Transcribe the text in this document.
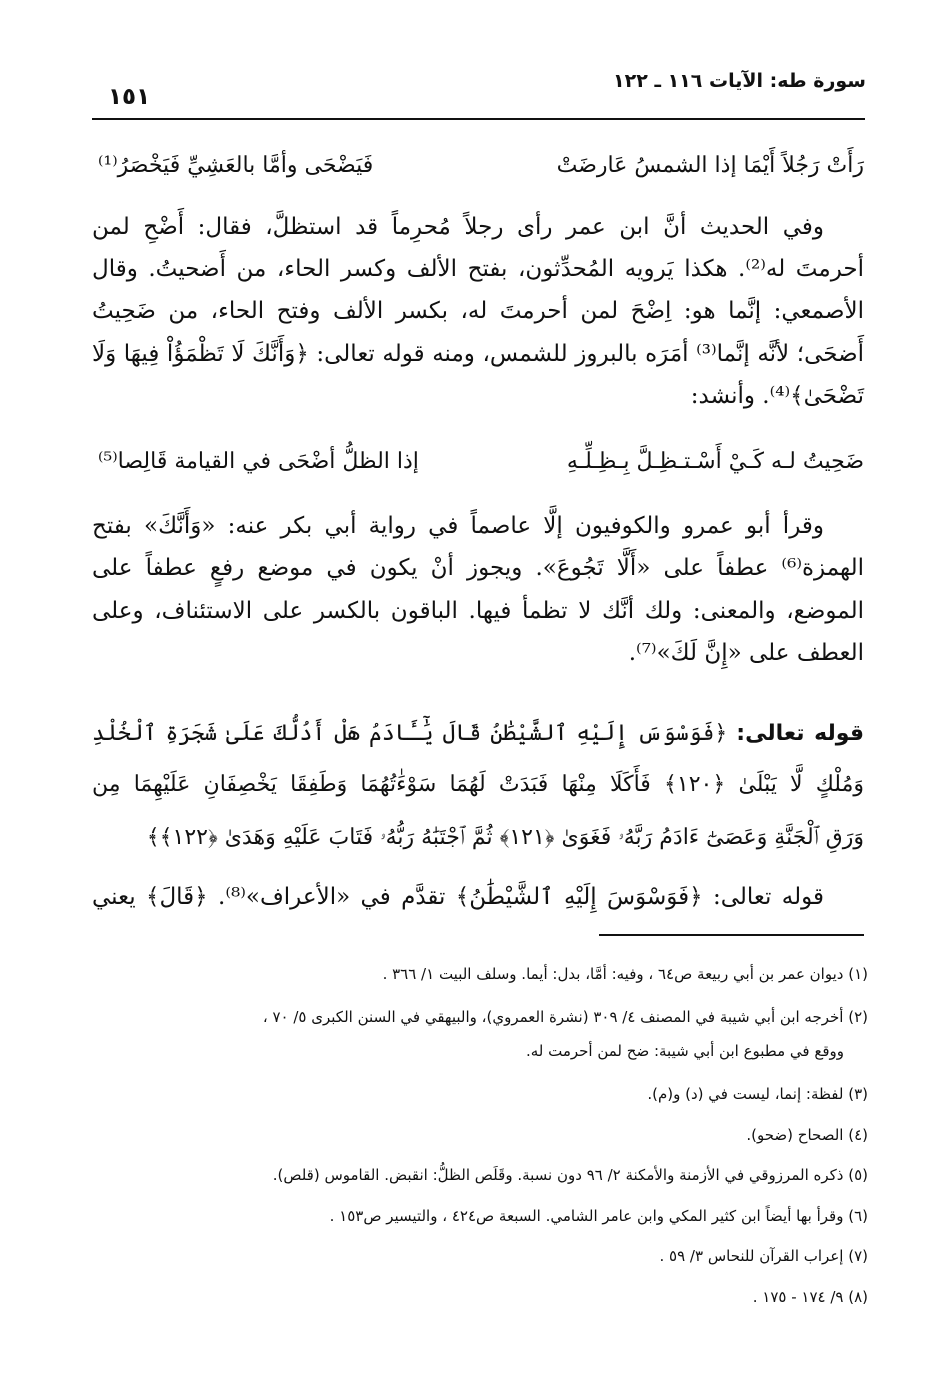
سورة طه: الآيات ١١٦ ـ ١٢٢
١٥١
رَأَتْ رَجُلاً أَيْمَا إذا الشمسُ عَارضَتْ
فَيَضْحَى وأمَّا بالعَشِيِّ فَيَخْصَرُ⁽¹⁾
وفي الحديث أنَّ ابن عمر رأى رجلاً مُحرِماً قد استظلَّ، فقال: أَضْحِ لمن
أحرمتَ له⁽²⁾. هكذا يَرويه المُحدِّثون، بفتح الألف وكسر الحاء، من أَضحيتُ. وقال
الأصمعي: إنَّما هو: اِضْحَ لمن أحرمتَ له، بكسر الألف وفتح الحاء، من ضَحِيتُ
أَضحَى؛ لأنَّه إنَّما⁽³⁾ أمَرَه بالبروز للشمس، ومنه قوله تعالى: ﴿وَأَنَّكَ لَا تَظْمَؤُاْ فِيهَا وَلَا
تَضْحَىٰ﴾⁽⁴⁾. وأنشد:
ضَحِيتُ لـه كَـيْ أَسْـتـظِـلَّ بِـظِـلِّـهِ
إذا الظلُّ أضْحَى في القيامة قَالِصا⁽⁵⁾
وقرأ أبو عمرو والكوفيون إلَّا عاصماً في رواية أبي بكر عنه: «وَأَنَّكَ» بفتح
الهمزة⁽⁶⁾ عطفاً على «أَلَّا تَجُوعَ». ويجوز أنْ يكون في موضع رفعٍ عطفاً على
الموضع، والمعنى: ولك أنَّك لا تظمأ فيها. الباقون بالكسر على الاستئناف، وعلى
العطف على «إِنَّ لَكَ»⁽⁷⁾.
قوله تعالى: ﴿فَوَسْوَسَ إِلَيْهِ ٱلشَّيْطَٰنُ قَالَ يَٰٓـَٔادَمُ هَلْ أَدُلُّكَ عَلَىٰ شَجَرَةِ ٱلْخُلْدِ
وَمُلْكٍ لَّا يَبْلَىٰ ﴿١٢٠﴾ فَأَكَلَا مِنْهَا فَبَدَتْ لَهُمَا سَوْءَٰتُهُمَا وَطَفِقَا يَخْصِفَانِ عَلَيْهِمَا مِن
وَرَقِ ٱلْجَنَّةِ وَعَصَىٰٓ ءَادَمُ رَبَّهُۥ فَغَوَىٰ ﴿١٢١﴾ ثُمَّ ٱجْتَبَٰهُ رَبُّهُۥ فَتَابَ عَلَيْهِ وَهَدَىٰ ﴿١٢٢﴾﴾
قوله تعالى: ﴿فَوَسْوَسَ إِلَيْهِ ٱلشَّيْطَٰنُ﴾ تقدَّم في «الأعراف»⁽⁸⁾. ﴿قَالَ﴾ يعني
(١) ديوان عمر بن أبي ربيعة ص٦٤ ، وفيه: أمَّا، بدل: أيما. وسلف البيت ١/ ٣٦٦ .
(٢) أخرجه ابن أبي شيبة في المصنف ٤/ ٣٠٩ (نشرة العمروي)، والبيهقي في السنن الكبرى ٥/ ٧٠ ،
ووقع في مطبوع ابن أبي شيبة: ضح لمن أحرمت له.
(٣) لفظة: إنما، ليست في (د) و(م).
(٤) الصحاح (ضحو).
(٥) ذكره المرزوقي في الأزمنة والأمكنة ٢/ ٩٦ دون نسبة. وقَلَص الظلُّ: انقبض. القاموس (قلص).
(٦) وقرأ بها أيضاً ابن كثير المكي وابن عامر الشامي. السبعة ص٤٢٤ ، والتيسير ص١٥٣ .
(٧) إعراب القرآن للنحاس ٣/ ٥٩ .
(٨) ٩/ ١٧٤ - ١٧٥ .
